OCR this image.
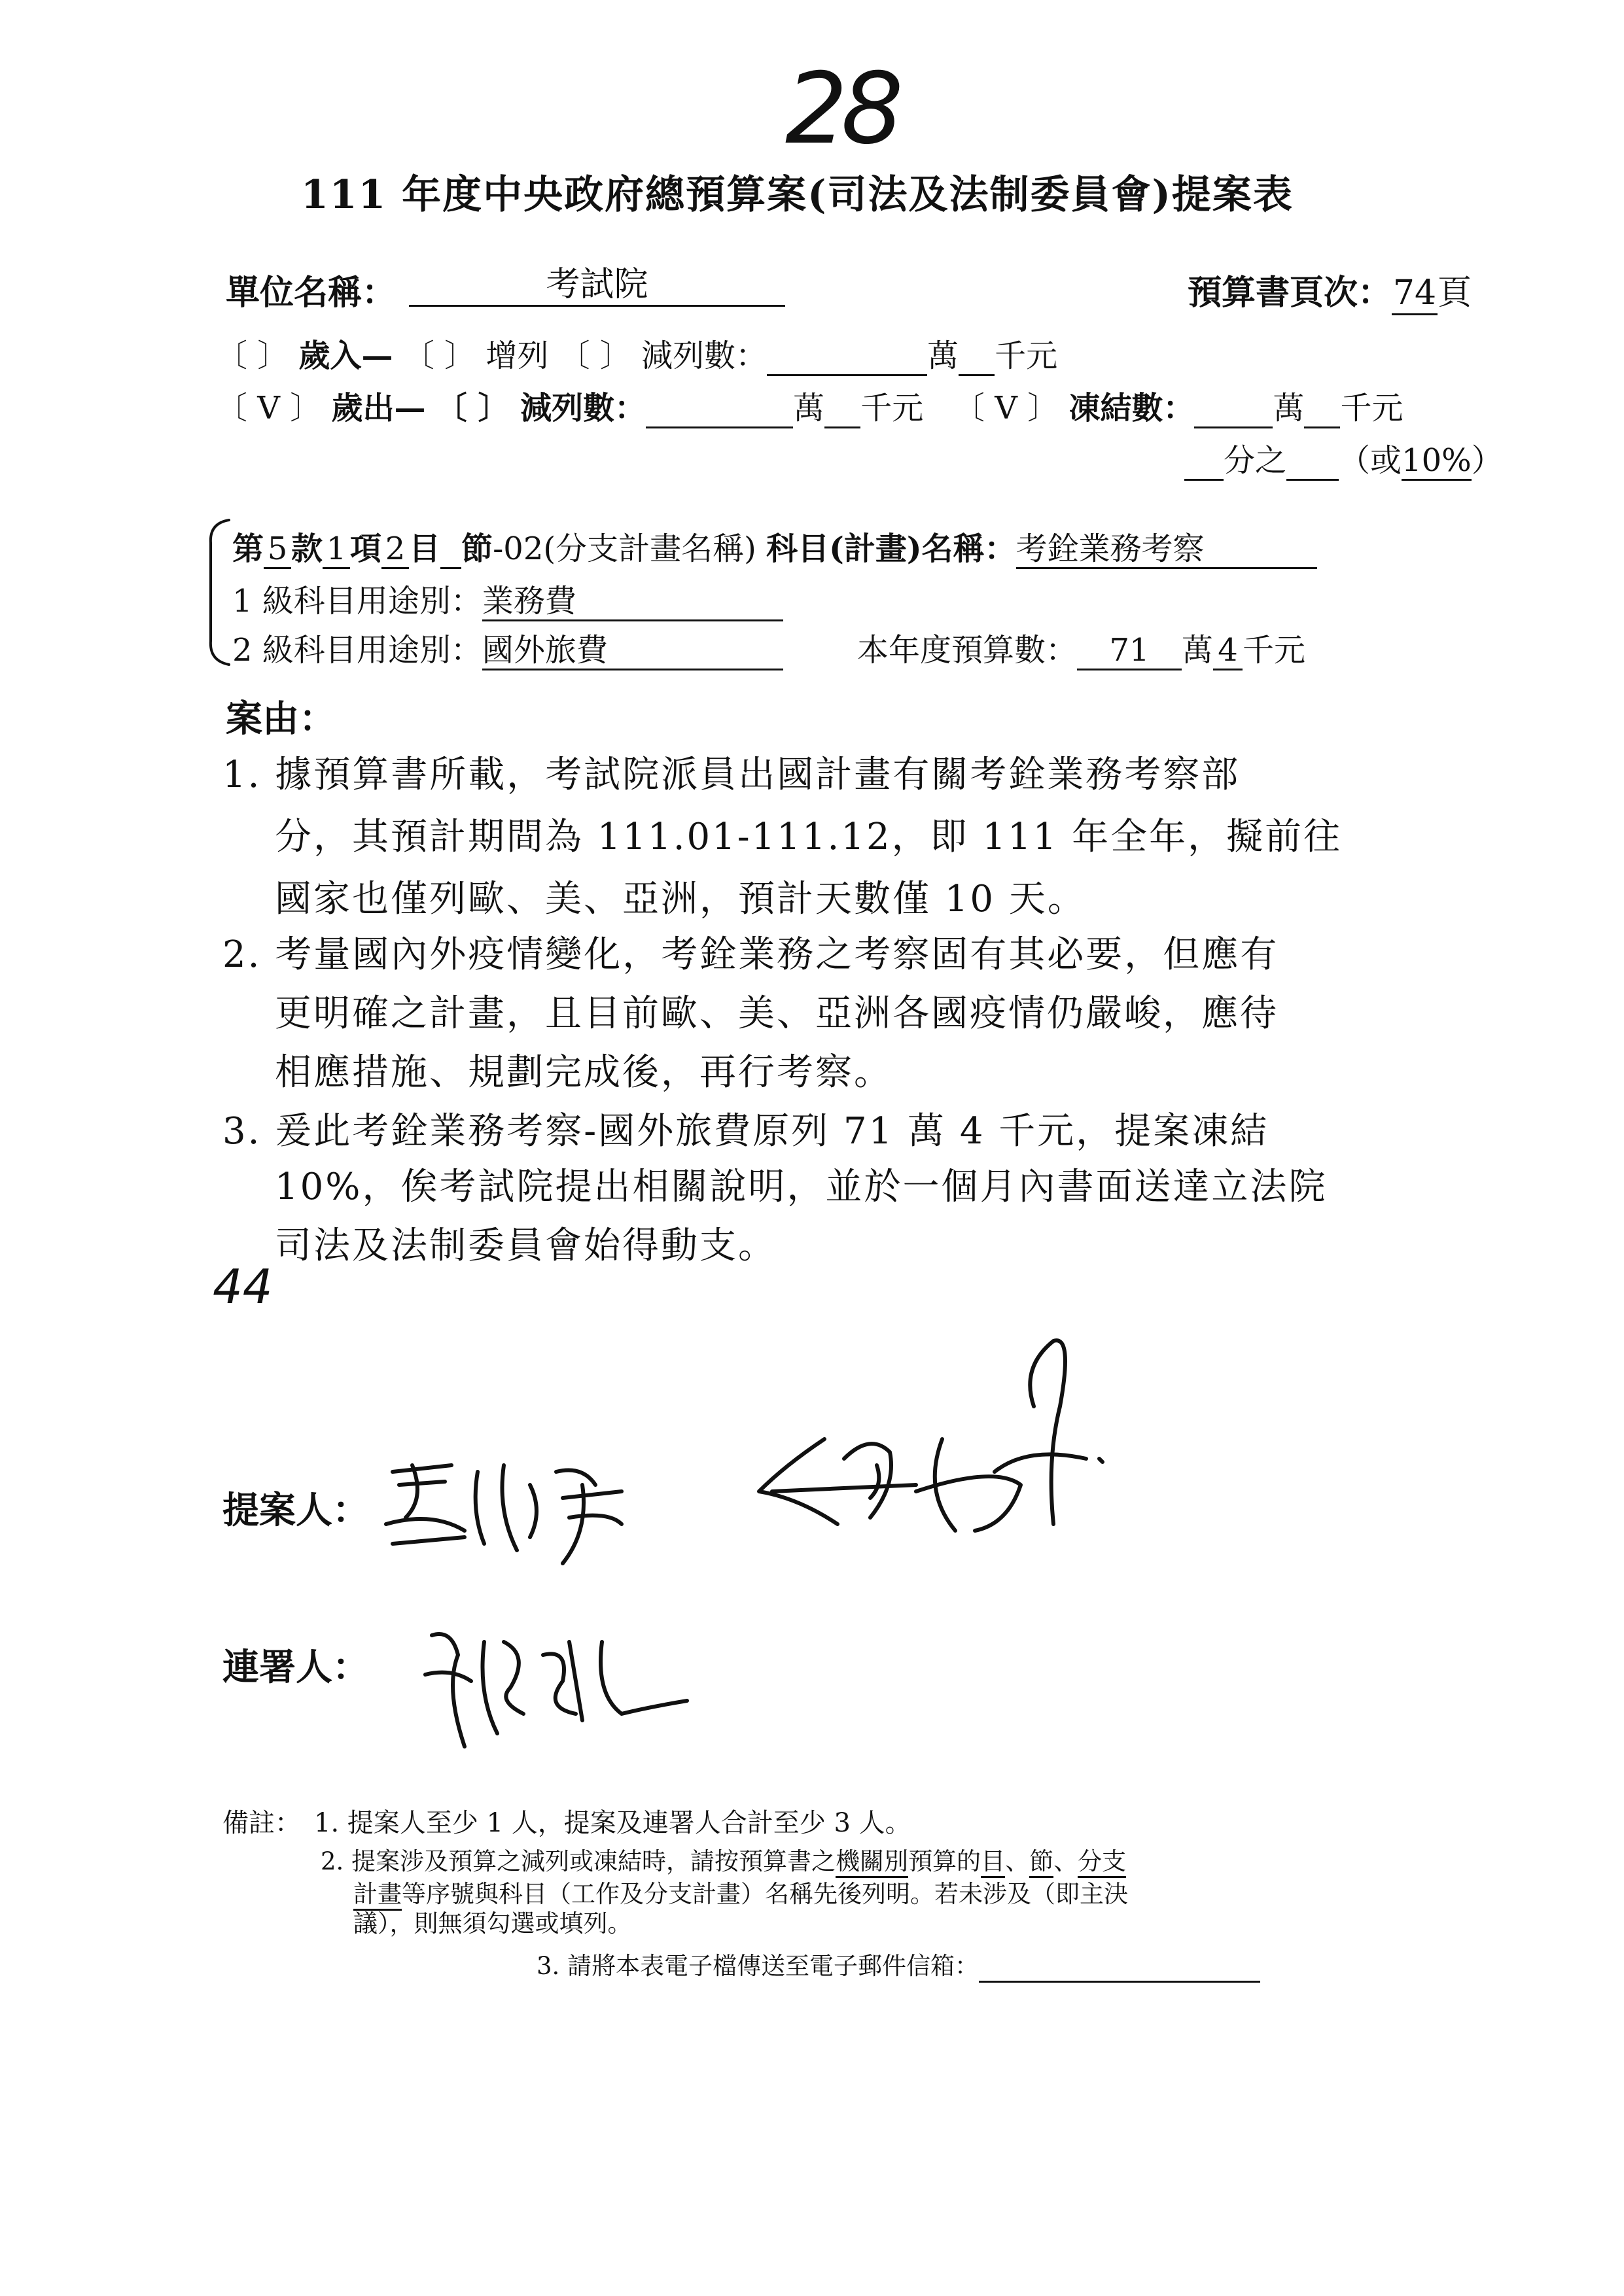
28
111 年度中央政府總預算案(司法及法制委員會)提案表
單位名稱：	考試院	預算書頁次：74頁
〔 〕 歲入— 〔 〕 增列 〔 〕 減列數：	萬 千元
〔 V 〕 歲出— 〔 〕 減列數：	萬 千元 〔 V 〕 凍結數：	萬 千元
分之 （或10%）
第 5 款 1 項 2 目 節-02(分支計畫名稱) 科目(計畫)名稱：考銓業務考察
1 級科目用途別：業務費
2 級科目用途別：國外旅費	本年度預算數： 71 萬 4 千元
案由：
1. 據預算書所載，考試院派員出國計畫有關考銓業務考察部
分，其預計期間為 111.01-111.12，即 111 年全年，擬前往
國家也僅列歐、美、亞洲，預計天數僅 10 天。
2. 考量國內外疫情變化，考銓業務之考察固有其必要，但應有
更明確之計畫，且目前歐、美、亞洲各國疫情仍嚴峻，應待
相應措施、規劃完成後，再行考察。
3. 爰此考銓業務考察-國外旅費原列 71 萬 4 千元，提案凍結
10%，俟考試院提出相關說明，並於一個月內書面送達立法院
司法及法制委員會始得動支。
44
提案人：
連署人：
備註： 1. 提案人至少 1 人，提案及連署人合計至少 3 人。
2. 提案涉及預算之減列或凍結時，請按預算書之機關別預算的目、節、分支
計畫等序號與科目（工作及分支計畫）名稱先後列明。若未涉及（即主決
議），則無須勾選或填列。
3. 請將本表電子檔傳送至電子郵件信箱：
